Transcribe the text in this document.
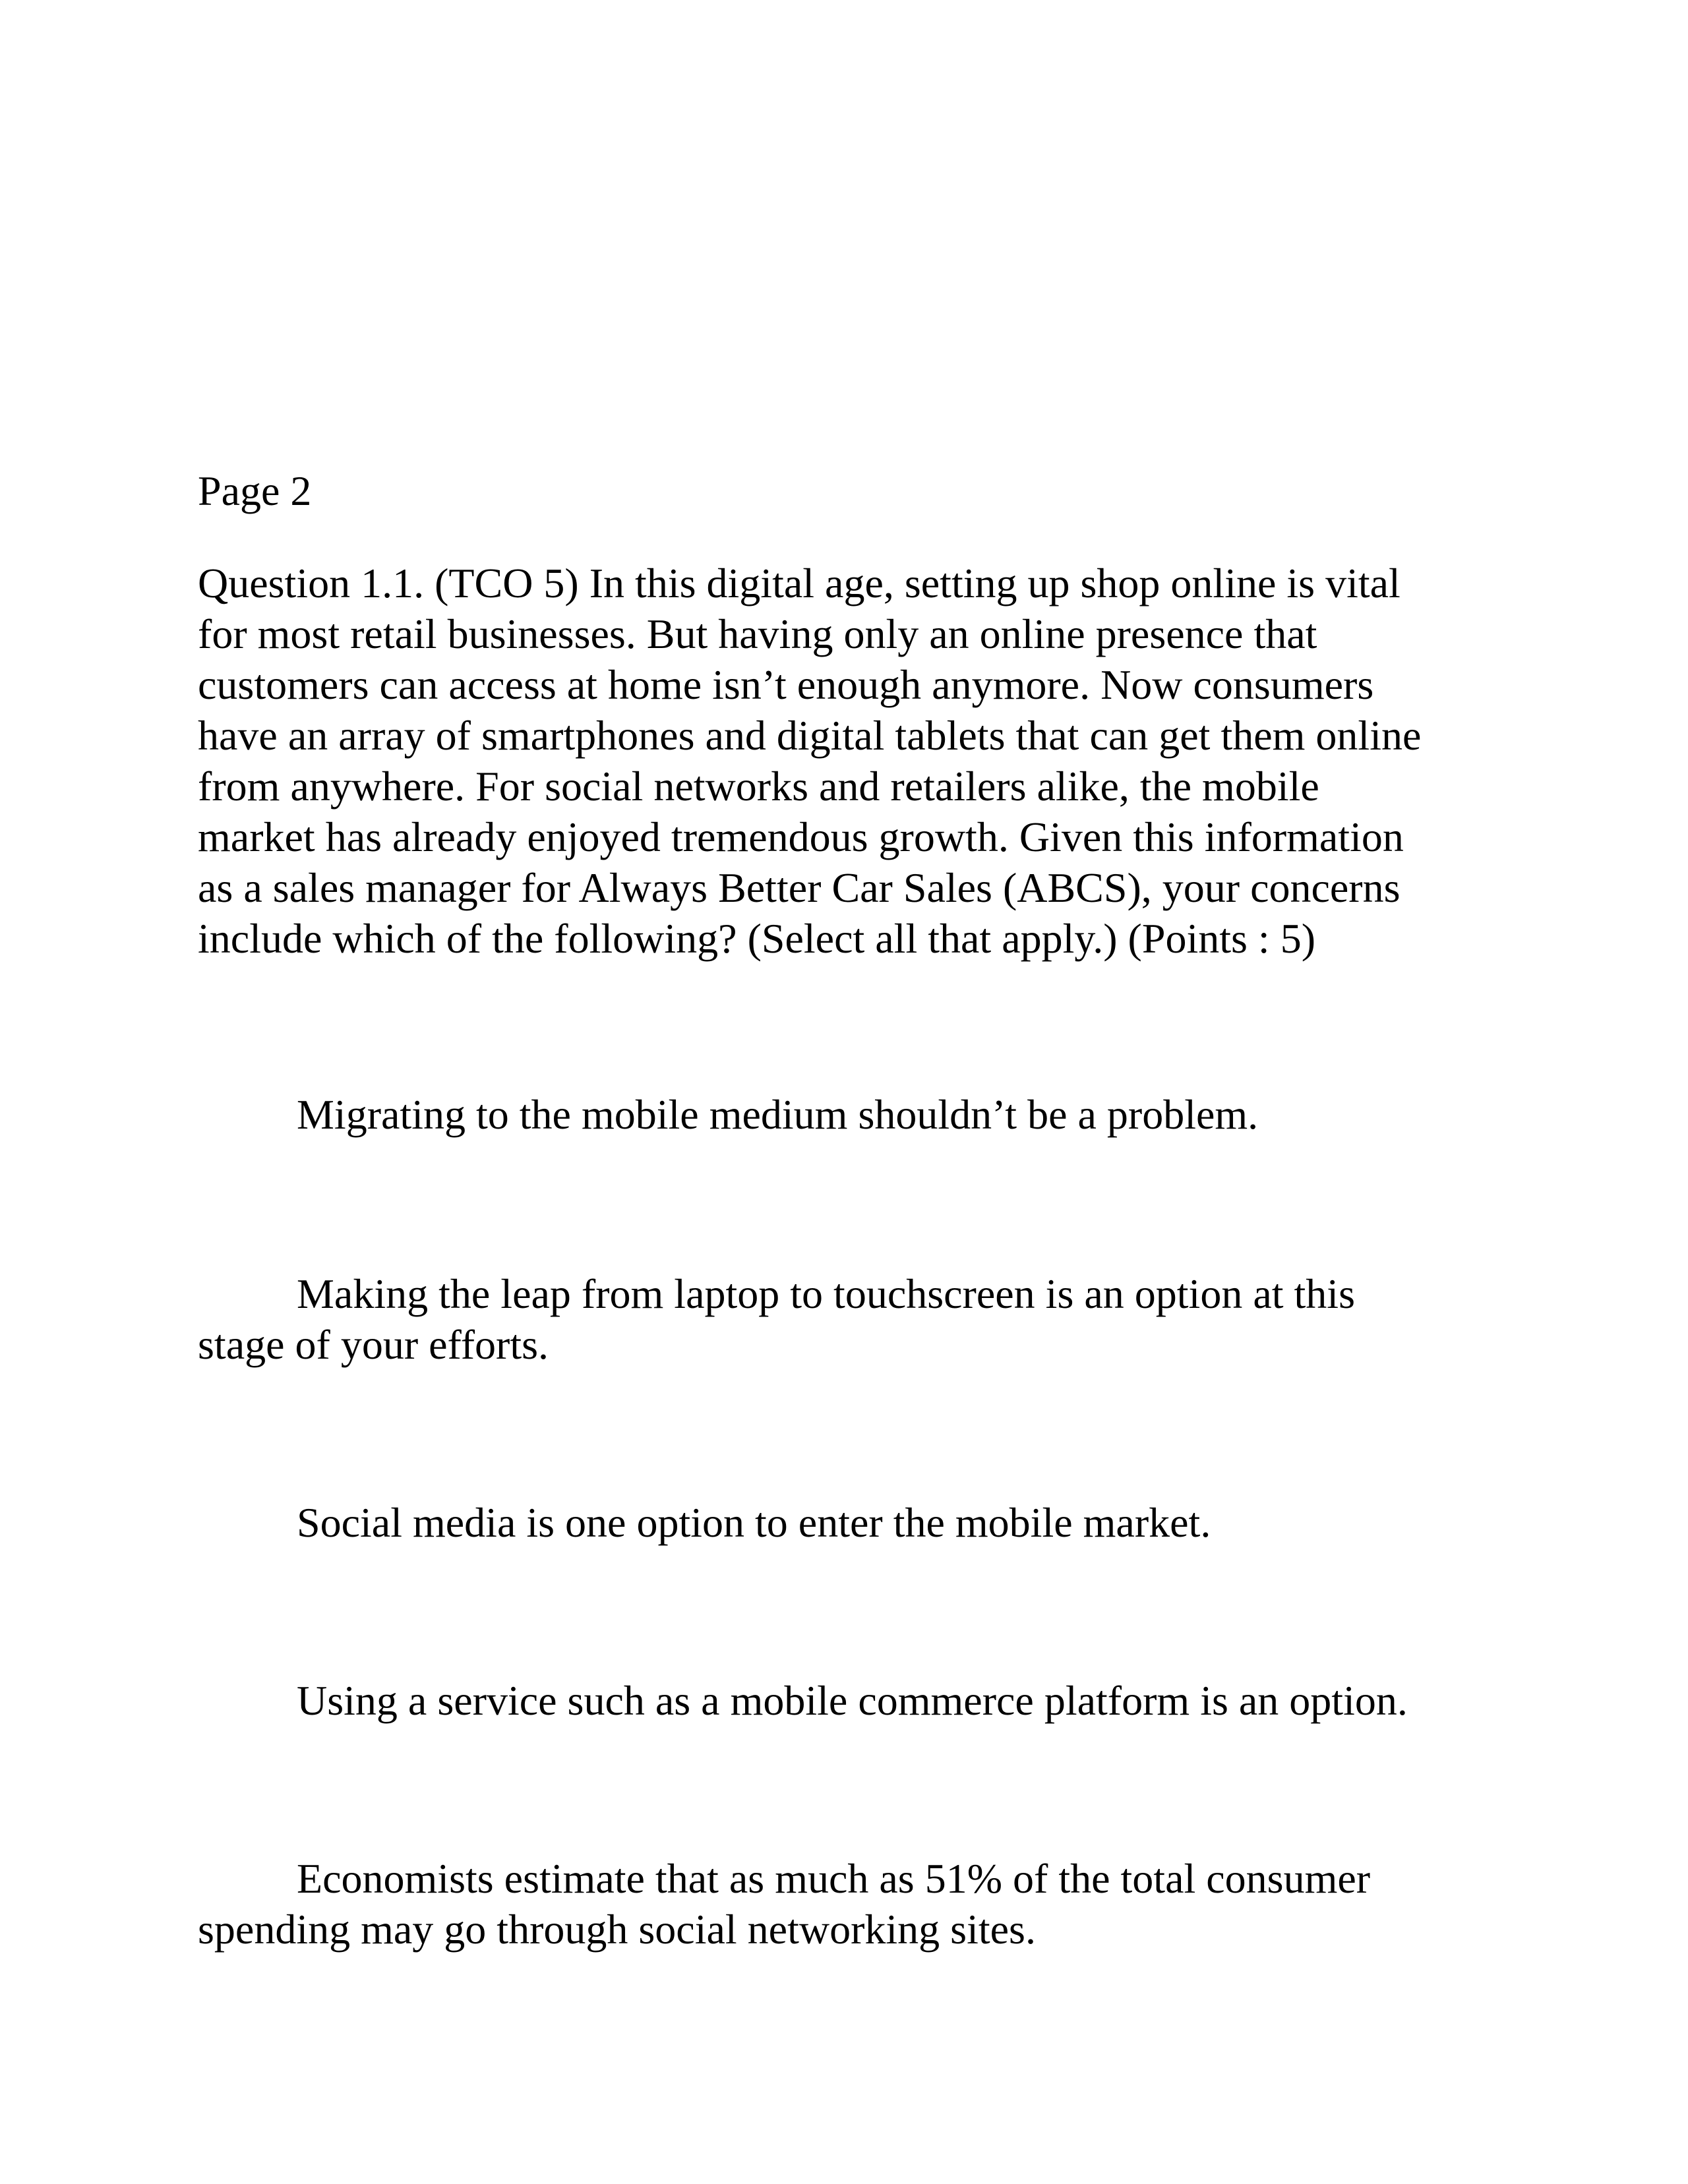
Page 2

Question 1.1. (TCO 5) In this digital age, setting up shop online is vital
for most retail businesses. But having only an online presence that
customers can access at home isn’t enough anymore. Now consumers
have an array of smartphones and digital tablets that can get them online
from anywhere. For social networks and retailers alike, the mobile
market has already enjoyed tremendous growth. Given this information
as a sales manager for Always Better Car Sales (ABCS), your concerns
include which of the following? (Select all that apply.) (Points : 5)

Migrating to the mobile medium shouldn’t be a problem.

Making the leap from laptop to touchscreen is an option at this
stage of your efforts.

Social media is one option to enter the mobile market.

Using a service such as a mobile commerce platform is an option.

Economists estimate that as much as 51% of the total consumer
spending may go through social networking sites.
